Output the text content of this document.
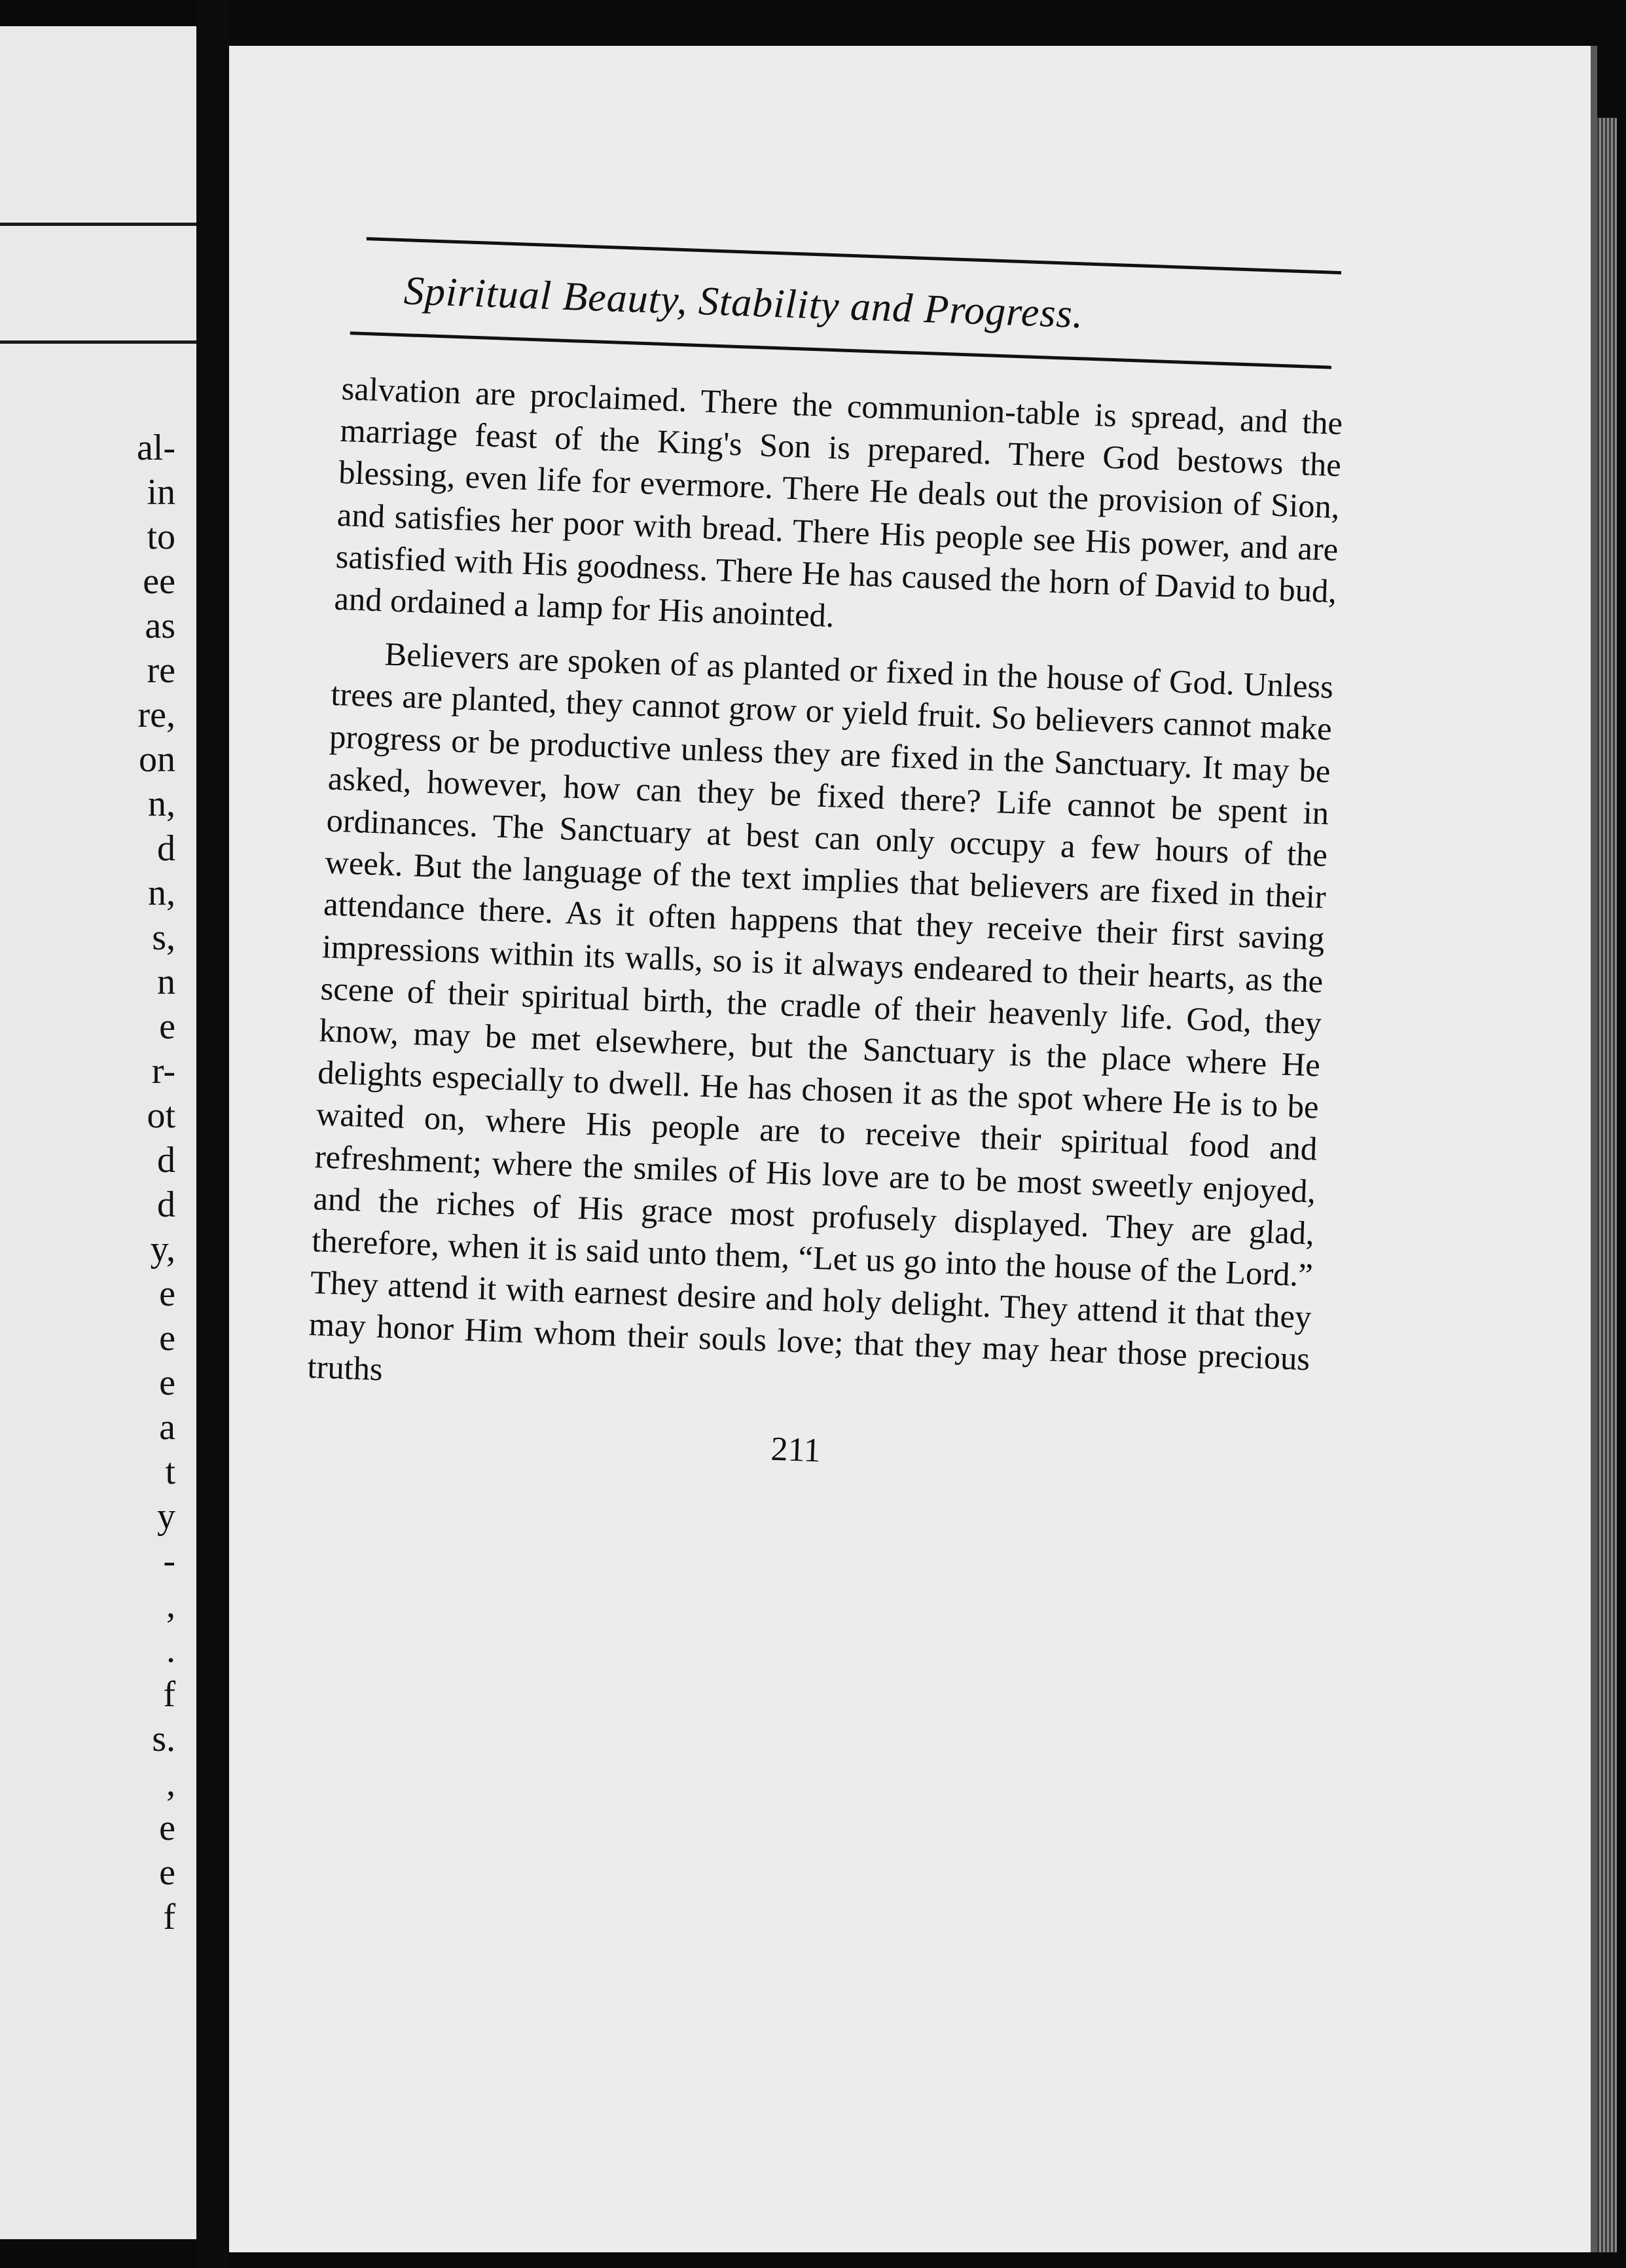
al-
in
to
ee
as
re
re,
on
n,
d
n,
s,
n
e
r-
ot
d
d
y,
e
e
e
a
t
y
-
,
.
f
s.
,
e
e
f
Spiritual Beauty, Stability and Progress.

salvation are proclaimed. There the communion-table is spread, and the marriage feast of the King's Son is prepared. There God bestows the blessing, even life for evermore. There He deals out the provision of Sion, and satisfies her poor with bread. There His people see His power, and are satisfied with His goodness. There He has caused the horn of David to bud, and ordained a lamp for His anointed.

Believers are spoken of as planted or fixed in the house of God. Unless trees are planted, they cannot grow or yield fruit. So believers cannot make progress or be productive unless they are fixed in the Sanctuary. It may be asked, however, how can they be fixed there? Life cannot be spent in ordinances. The Sanctuary at best can only occupy a few hours of the week. But the language of the text implies that believers are fixed in their attendance there. As it often happens that they receive their first saving impressions within its walls, so is it always endeared to their hearts, as the scene of their spiritual birth, the cradle of their heavenly life. God, they know, may be met elsewhere, but the Sanctuary is the place where He delights especially to dwell. He has chosen it as the spot where He is to be waited on, where His people are to receive their spiritual food and refreshment; where the smiles of His love are to be most sweetly enjoyed, and the riches of His grace most profusely displayed. They are glad, therefore, when it is said unto them, “Let us go into the house of the Lord.” They attend it with earnest desire and holy delight. They attend it that they may honor Him whom their souls love; that they may hear those precious truths

211
